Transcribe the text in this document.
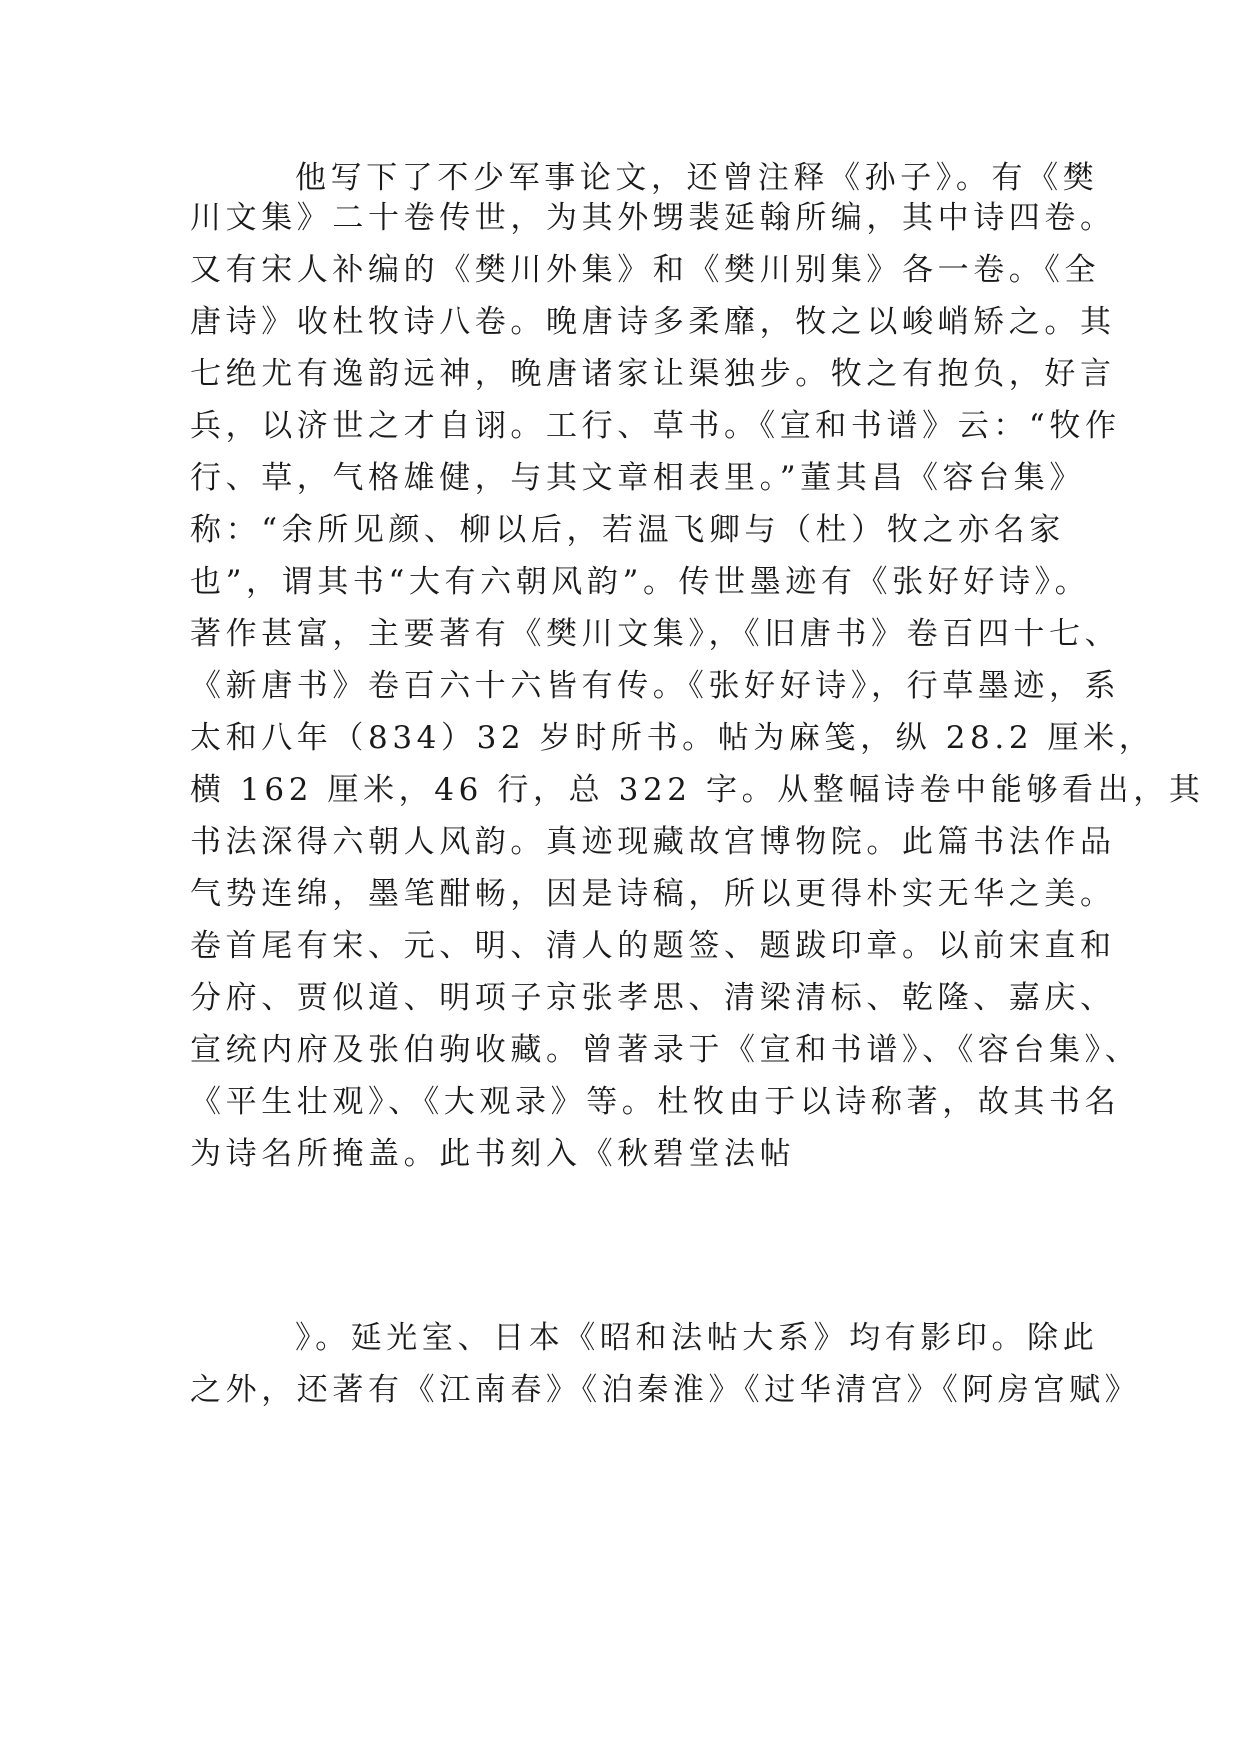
他写下了不少军事论文，还曾注释《孙子》。有《樊
川文集》二十卷传世，为其外甥裴延翰所编，其中诗四卷。
又有宋人补编的《樊川外集》和《樊川别集》各一卷。《全
唐诗》收杜牧诗八卷。晚唐诗多柔靡，牧之以峻峭矫之。其
七绝尤有逸韵远神，晚唐诸家让渠独步。牧之有抱负，好言
兵，以济世之才自诩。工行、草书。《宣和书谱》云：“牧作
行、草，气格雄健，与其文章相表里。”董其昌《容台集》
称：“余所见颜、柳以后，若温飞卿与（杜）牧之亦名家
也”，谓其书“大有六朝风韵”。传世墨迹有《张好好诗》。
著作甚富，主要著有《樊川文集》，《旧唐书》卷百四十七、
《新唐书》卷百六十六皆有传。《张好好诗》，行草墨迹，系
太和八年（834）32 岁时所书。帖为麻笺，纵 28.2 厘米，
横 162 厘米，46 行，总 322 字。从整幅诗卷中能够看出，其
书法深得六朝人风韵。真迹现藏故宫博物院。此篇书法作品
气势连绵，墨笔酣畅，因是诗稿，所以更得朴实无华之美。
卷首尾有宋、元、明、清人的题签、题跋印章。以前宋直和
分府、贾似道、明项子京张孝思、清梁清标、乾隆、嘉庆、
宣统内府及张伯驹收藏。曾著录于《宣和书谱》、《容台集》、
《平生壮观》、《大观录》等。杜牧由于以诗称著，故其书名
为诗名所掩盖。此书刻入《秋碧堂法帖
》。延光室、日本《昭和法帖大系》均有影印。除此
之外，还著有《江南春》《泊秦淮》《过华清宫》《阿房宫赋》
